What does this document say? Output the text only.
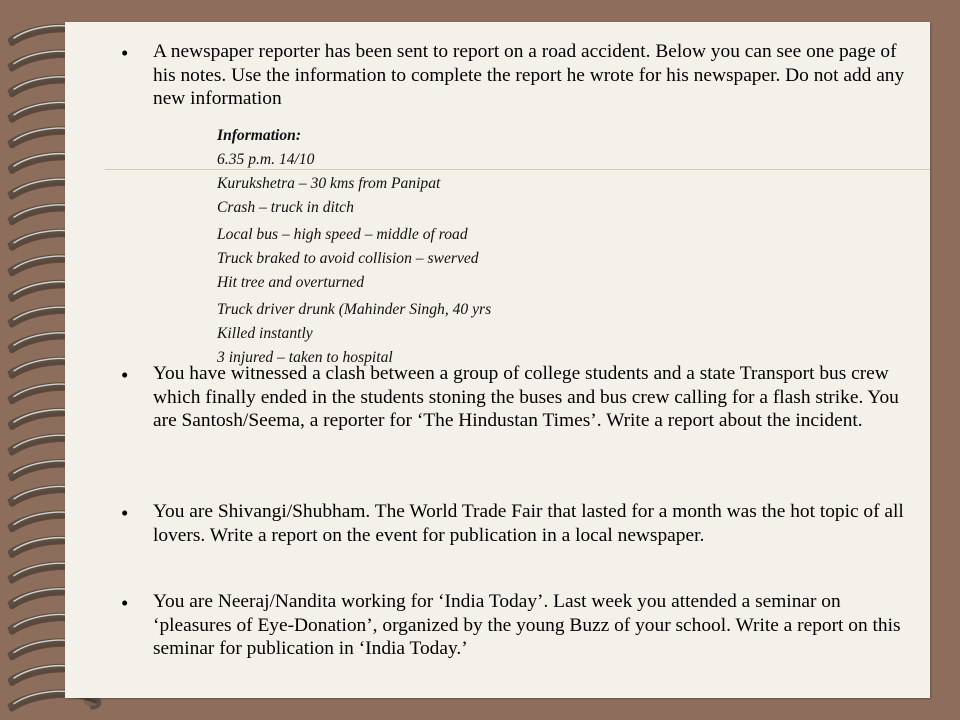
• A newspaper reporter has been sent to report on a road accident. Below you can see one page of his notes. Use the information to complete the report he wrote for his newspaper. Do not add any new information
Information:
6.35 p.m. 14/10
Kurukshetra – 30 kms from Panipat
Crash – truck in ditch
Local bus – high speed – middle of road
Truck braked to avoid collision – swerved
Hit tree and overturned
Truck driver drunk (Mahinder Singh, 40 yrs
Killed instantly
3 injured – taken to hospital
• You have witnessed a clash between a group of college students and a state Transport bus crew which finally ended in the students stoning the buses and bus crew calling for a flash strike. You are Santosh/Seema, a reporter for ‘The Hindustan Times’. Write a report about the incident.
• You are Shivangi/Shubham. The World Trade Fair that lasted for a month was the hot topic of all lovers. Write a report on the event for publication in a local newspaper.
• You are Neeraj/Nandita working for ‘India Today’. Last week you attended a seminar on ‘pleasures of Eye-Donation’, organized by the young Buzz of your school. Write a report on this seminar for publication in ‘India Today.’
